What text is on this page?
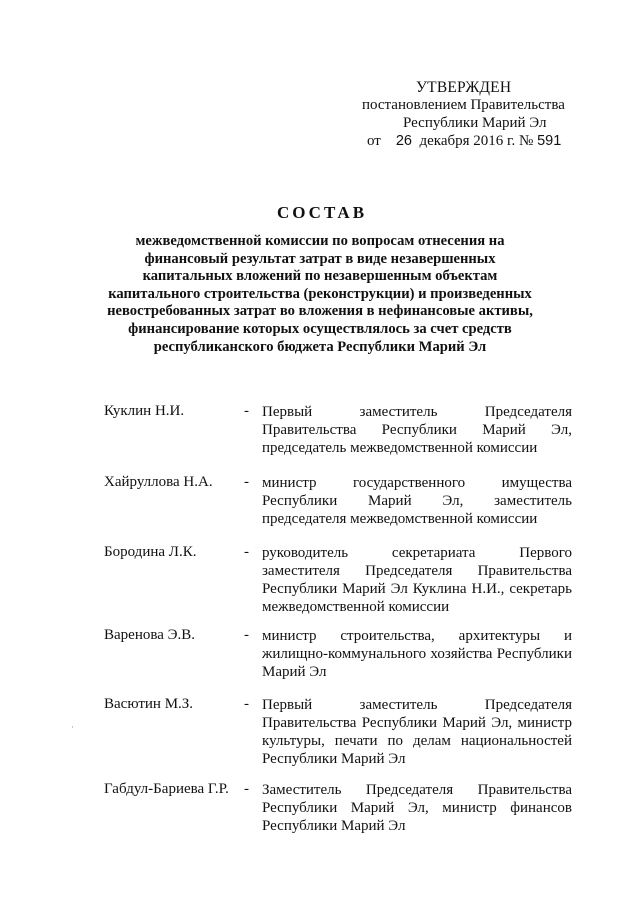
УТВЕРЖДЕН
постановлением Правительства
Республики Марий Эл
от 26 декабря 2016 г. № 591
СОСТАВ
межведомственной комиссии по вопросам отнесения на финансовый результат затрат в виде незавершенных капитальных вложений по незавершенным объектам капитального строительства (реконструкции) и произведенных невостребованных затрат во вложения в нефинансовые активы, финансирование которых осуществлялось за счет средств республиканского бюджета Республики Марий Эл
Куклин Н.И.	- Первый заместитель Председателя Правительства Республики Марий Эл, председатель межведомственной комиссии
Хайруллова Н.А. - министр государственного имущества Республики Марий Эл, заместитель председателя межведомственной комиссии
Бородина Л.К.	- руководитель секретариата Первого заместителя Председателя Правительства Республики Марий Эл Куклина Н.И., секретарь межведомственной комиссии
Варенова Э.В.	- министр строительства, архитектуры и жилищно-коммунального хозяйства Республики Марий Эл
Васютин М.З.	- Первый заместитель Председателя Правительства Республики Марий Эл, министр культуры, печати по делам национальностей Республики Марий Эл
Габдул-Бариева Г.Р. - Заместитель Председателя Правительства Республики Марий Эл, министр финансов Республики Марий Эл
·
